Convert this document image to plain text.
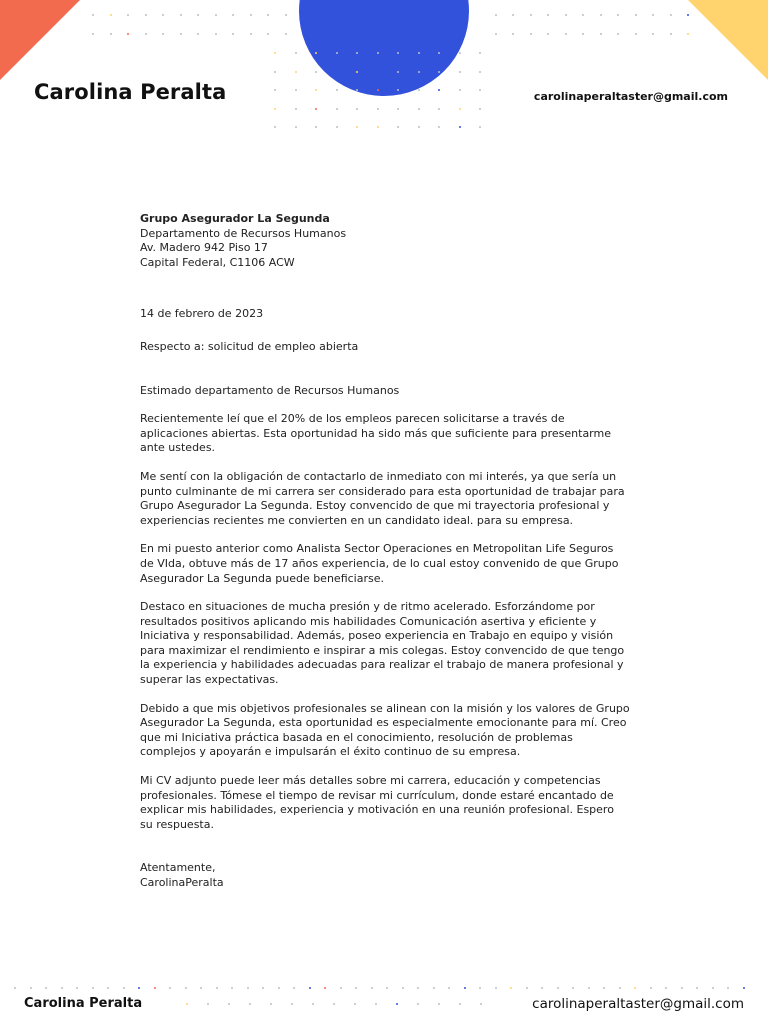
Carolina Peralta	carolinaperaltaster@gmail.com

Grupo Asegurador La Segunda

Departamento de Recursos Humanos

Av. Madero 942 Piso 17

Capital Federal, C1106 ACW

14 de febrero de 2023

Respecto a: solicitud de empleo abierta

Estimado departamento de Recursos Humanos

Recientemente leí que el 20% de los empleos parecen solicitarse a través de aplicaciones abiertas. Esta oportunidad ha sido más que suficiente para presentarme ante ustedes.

Me sentí con la obligación de contactarlo de inmediato con mi interés, ya que sería un punto culminante de mi carrera ser considerado para esta oportunidad de trabajar para Grupo Asegurador La Segunda. Estoy convencido de que mi trayectoria profesional y experiencias recientes me convierten en un candidato ideal. para su empresa.

En mi puesto anterior como Analista Sector Operaciones en Metropolitan Life Seguros de VIda, obtuve más de 17 años experiencia, de lo cual estoy convenido de que Grupo Asegurador La Segunda puede beneficiarse.

Destaco en situaciones de mucha presión y de ritmo acelerado. Esforzándome por resultados positivos aplicando mis habilidades Comunicación asertiva y eficiente y Iniciativa y responsabilidad. Además, poseo experiencia en Trabajo en equipo y visión para maximizar el rendimiento e inspirar a mis colegas. Estoy convencido de que tengo la experiencia y habilidades adecuadas para realizar el trabajo de manera profesional y superar las expectativas.

Debido a que mis objetivos profesionales se alinean con la misión y los valores de Grupo Asegurador La Segunda, esta oportunidad es especialmente emocionante para mí. Creo que mi Iniciativa práctica basada en el conocimiento, resolución de problemas complejos y apoyarán e impulsarán el éxito continuo de su empresa.

Mi CV adjunto puede leer más detalles sobre mi carrera, educación y competencias profesionales. Tómese el tiempo de revisar mi currículum, donde estaré encantado de explicar mis habilidades, experiencia y motivación en una reunión profesional. Espero su respuesta.

Atentamente,

CarolinaPeralta

Carolina Peralta	carolinaperaltaster@gmail.com
